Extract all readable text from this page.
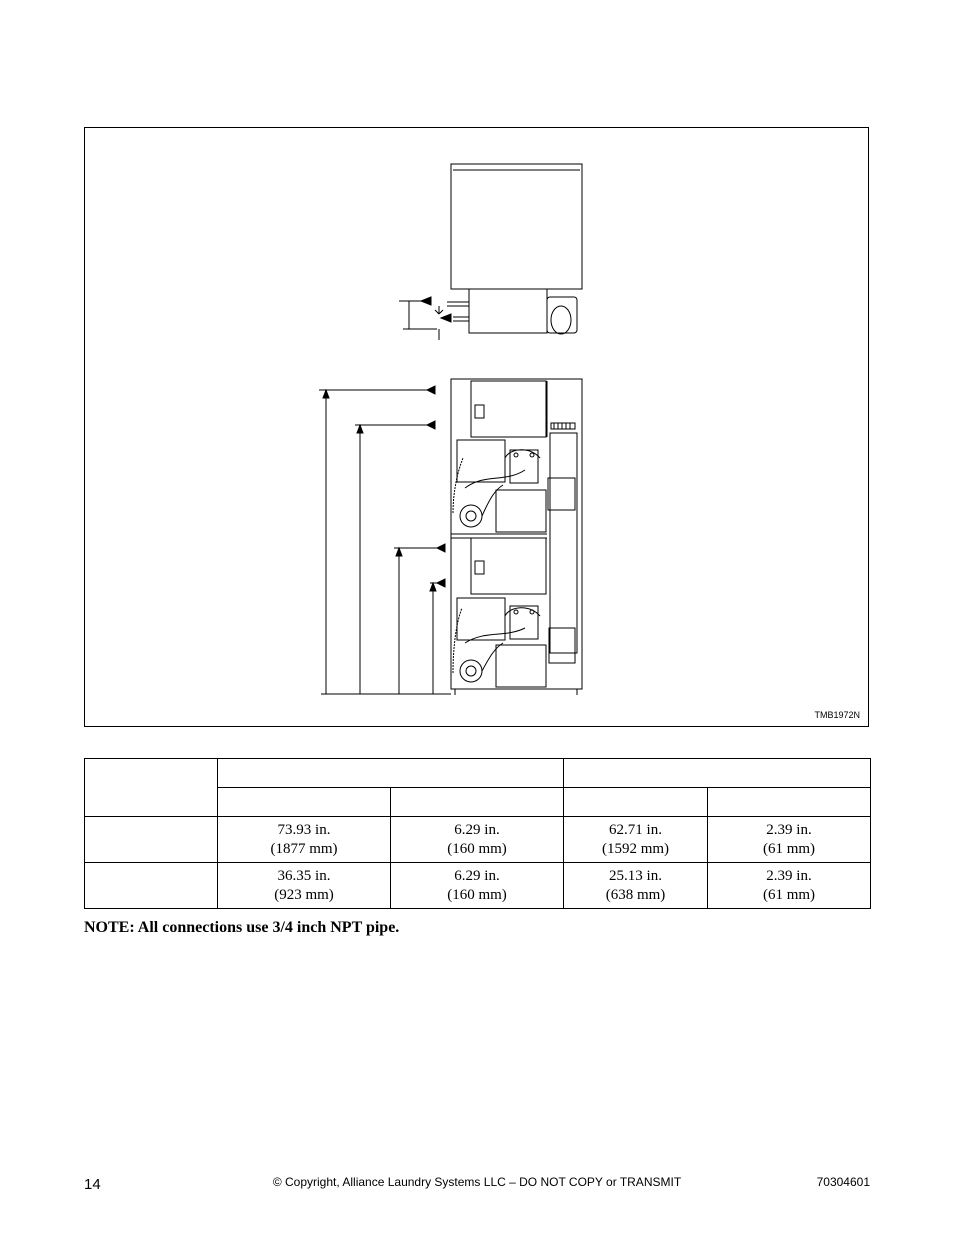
TMB1972N

	73.93 in.
(1877 mm)	6.29 in.
(160 mm)	62.71 in.
(1592 mm)	2.39 in.
(61 mm)

	36.35 in.
(923 mm)	6.29 in.
(160 mm)	25.13 in.
(638 mm)	2.39 in.
(61 mm)
NOTE: All connections use 3/4 inch NPT pipe.
© Copyright, Alliance Laundry Systems LLC – DO NOT COPY or TRANSMIT
14	70304601
